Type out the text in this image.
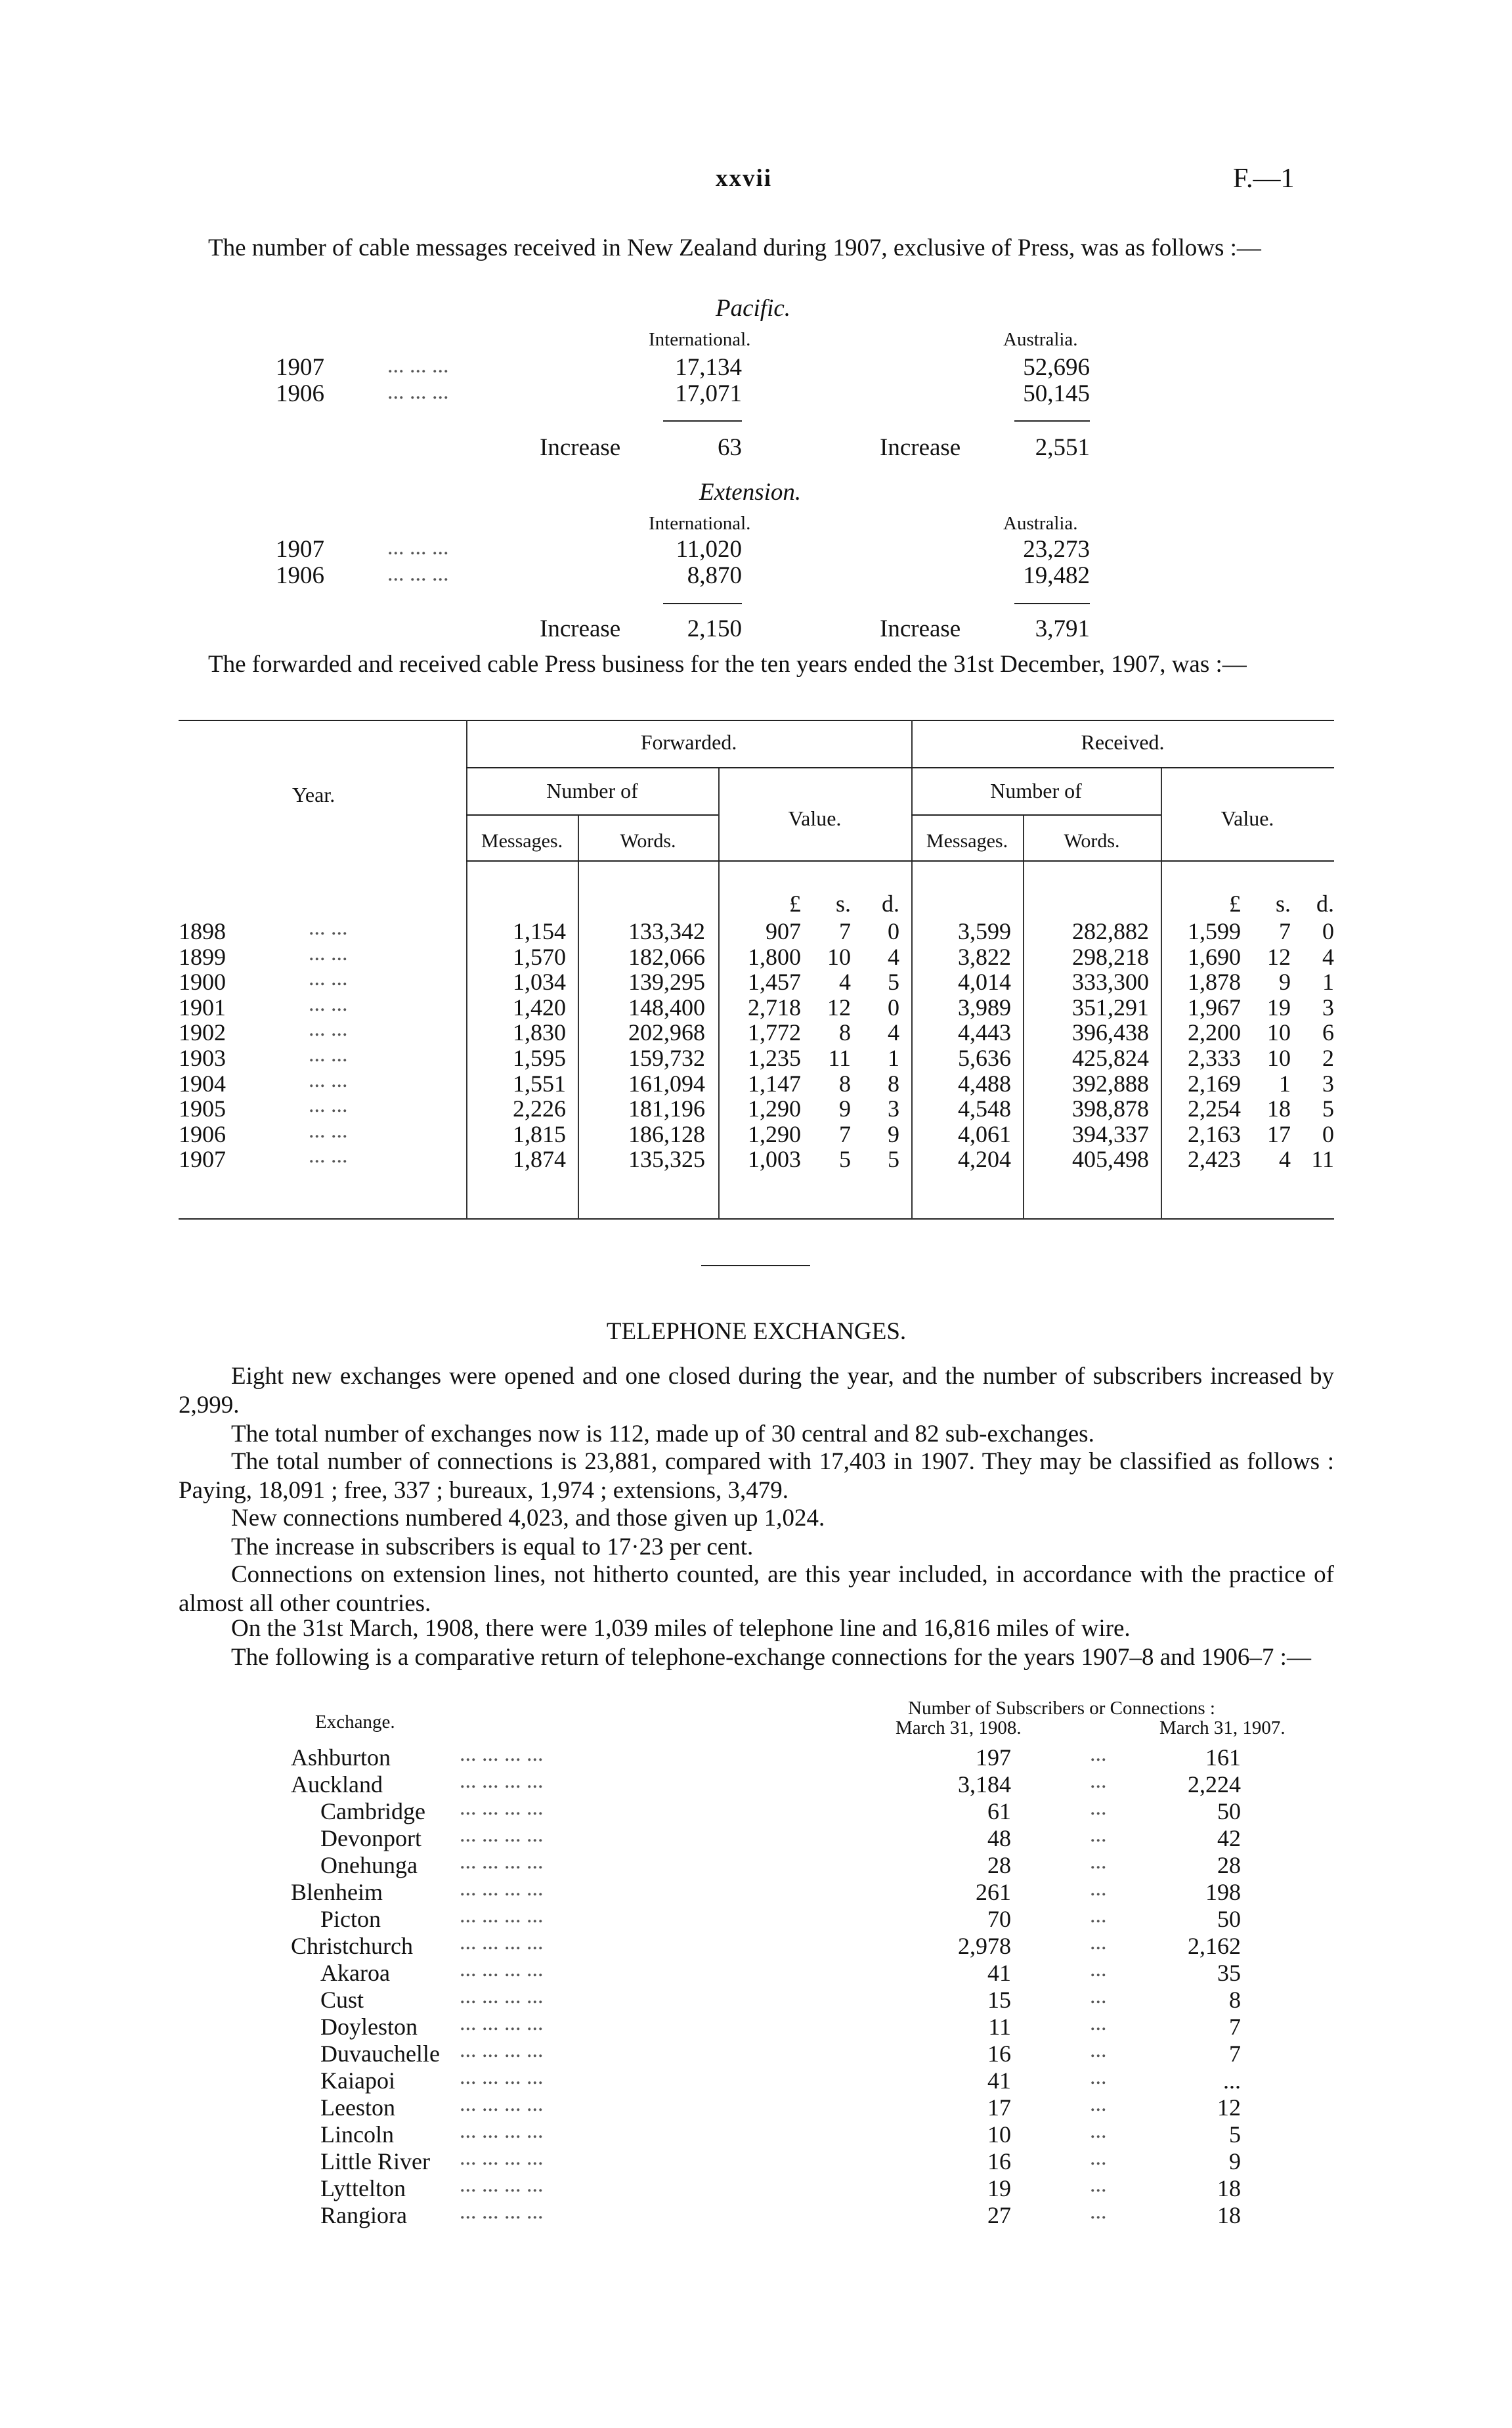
xxvii	F.—1
The number of cable messages received in New Zealand during 1907, exclusive of Press, was as follows :—
Pacific.
International.	Australia.
1907	... ... ...	17,134	52,696
1906	... ... ...	17,071	50,145
Increase	63	Increase	2,551
Extension.
International.	Australia.
1907	... ... ...	11,020	23,273
1906	... ... ...	8,870	19,482
Increase	2,150	Increase	3,791
The forwarded and received cable Press business for the ten years ended the 31st December, 1907, was :—
Year.
Forwarded.	Received.
Number of	Number of
Value.	Value.
Messages.	Words.	Messages.	Words.
£	s.	d.	£	s.	d.
1898	... ...	1,154	133,342	907	7	0	3,599	282,882	1,599	7	0
1899	... ...	1,570	182,066	1,800	10	4	3,822	298,218	1,690	12	4
1900	... ...	1,034	139,295	1,457	4	5	4,014	333,300	1,878	9	1
1901	... ...	1,420	148,400	2,718	12	0	3,989	351,291	1,967	19	3
1902	... ...	1,830	202,968	1,772	8	4	4,443	396,438	2,200	10	6
1903	... ...	1,595	159,732	1,235	11	1	5,636	425,824	2,333	10	2
1904	... ...	1,551	161,094	1,147	8	8	4,488	392,888	2,169	1	3
1905	... ...	2,226	181,196	1,290	9	3	4,548	398,878	2,254	18	5
1906	... ...	1,815	186,128	1,290	7	9	4,061	394,337	2,163	17	0
1907	... ...	1,874	135,325	1,003	5	5	4,204	405,498	2,423	4 11
TELEPHONE EXCHANGES.
Eight new exchanges were opened and one closed during the year, and the number of subscribers increased by 2,999.
The total number of exchanges now is 112, made up of 30 central and 82 sub-exchanges.
The total number of connections is 23,881, compared with 17,403 in 1907. They may be classified as follows : Paying, 18,091 ; free, 337 ; bureaux, 1,974 ; extensions, 3,479.
New connections numbered 4,023, and those given up 1,024.
The increase in subscribers is equal to 17·23 per cent.
Connections on extension lines, not hitherto counted, are this year included, in accordance with the practice of almost all other countries.
On the 31st March, 1908, there were 1,039 miles of telephone line and 16,816 miles of wire.
The following is a comparative return of telephone-exchange connections for the years 1907–8 and 1906–7 :—
Exchange.
Number of Subscribers or Connections :
March 31, 1908.	March 31, 1907.
Ashburton	... ... ... ...	197	...	161
Auckland	... ... ... ...	3,184	...	2,224
Cambridge ... ... ... ...	61	...	50
Devonport ... ... ... ...	48	...	42
Onehunga ... ... ... ...	28	...	28
Blenheim	... ... ... ...	261	...	198
Picton	... ... ... ...	70	...	50
Christchurch ... ... ... ...	2,978	...	2,162
Akaroa	... ... ... ...	41	...	35
Cust	... ... ... ...	15	...	8
Doyleston ... ... ... ...	11	...	7
Duvauchelle ... ... ... ...	16	...	7
Kaiapoi	... ... ... ...	41	...	...
Leeston	... ... ... ...	17	...	12
Lincoln	... ... ... ...	10	...	5
Little River ... ... ... ...	16	...	9
Lyttelton ... ... ... ...	19	...	18
Rangiora ... ... ... ...	27	...	18
